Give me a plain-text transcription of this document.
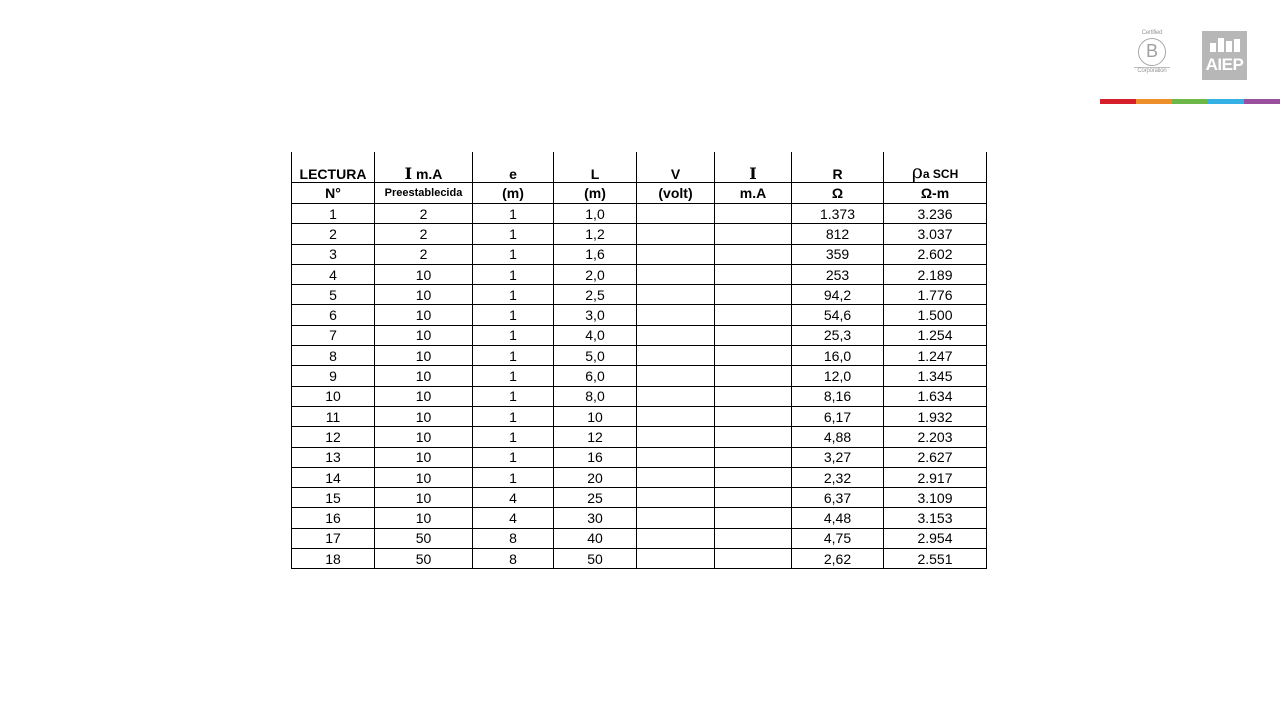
Certified
B
Corporation AIEP
LECTURA	I m.A	e	L	V	I	R	ρa SCH
N°	Preestablecida	(m)	(m)	(volt)	m.A	Ω	Ω-m
1	2	1	1,0			1.373	3.236
2	2	1	1,2			812	3.037
3	2	1	1,6			359	2.602
4	10	1	2,0			253	2.189
5	10	1	2,5			94,2	1.776
6	10	1	3,0			54,6	1.500
7	10	1	4,0			25,3	1.254
8	10	1	5,0			16,0	1.247
9	10	1	6,0			12,0	1.345
10	10	1	8,0			8,16	1.634
11	10	1	10			6,17	1.932
12	10	1	12			4,88	2.203
13	10	1	16			3,27	2.627
14	10	1	20			2,32	2.917
15	10	4	25			6,37	3.109
16	10	4	30			4,48	3.153
17	50	8	40			4,75	2.954
18	50	8	50			2,62	2.551
